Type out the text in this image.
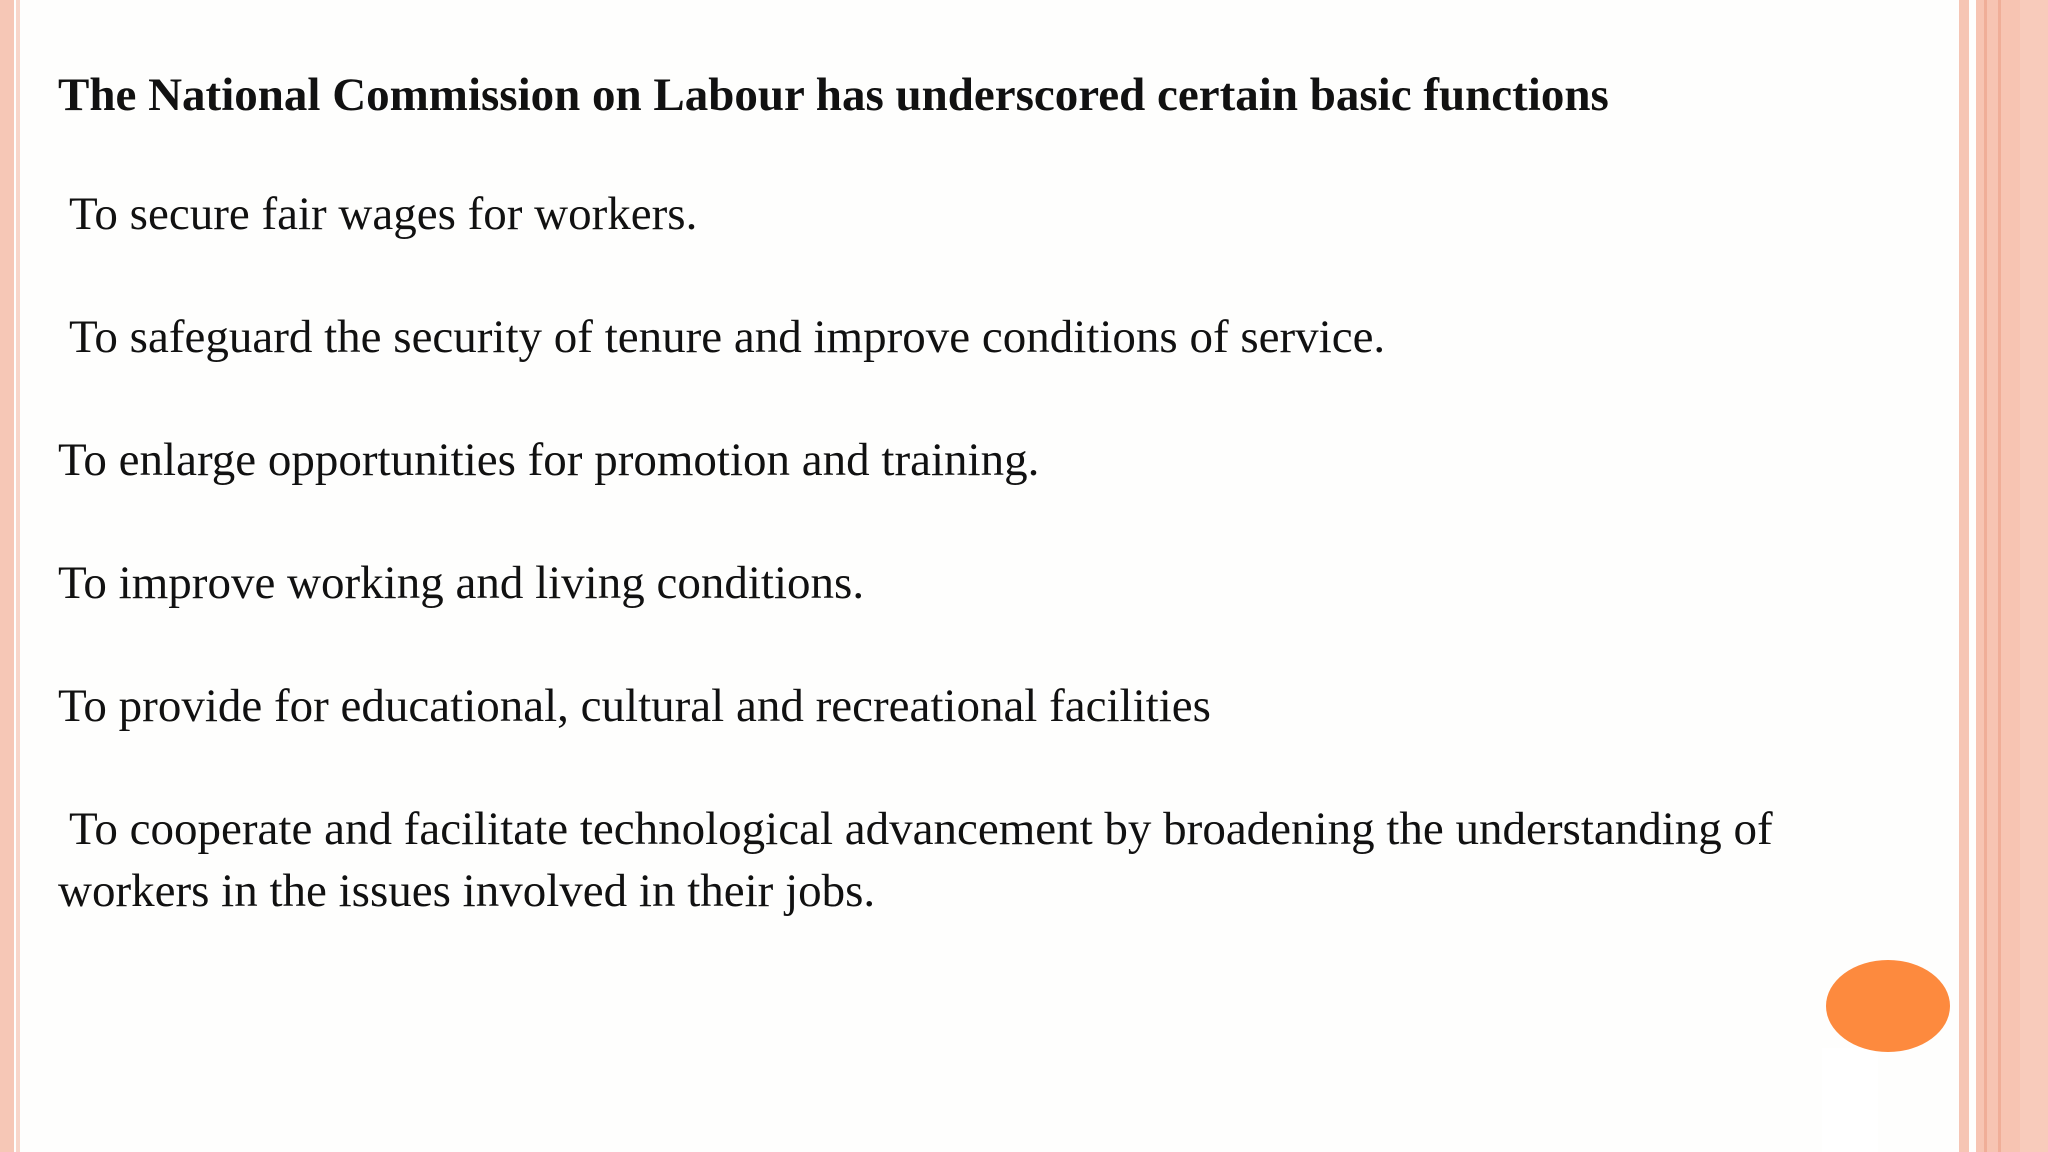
The National Commission on Labour has underscored certain basic functions

To secure fair wages for workers.

To safeguard the security of tenure and improve conditions of service.

To enlarge opportunities for promotion and training.

To improve working and living conditions.

To provide for educational, cultural and recreational facilities

To cooperate and facilitate technological advancement by broadening the understanding of workers in the issues involved in their jobs.
